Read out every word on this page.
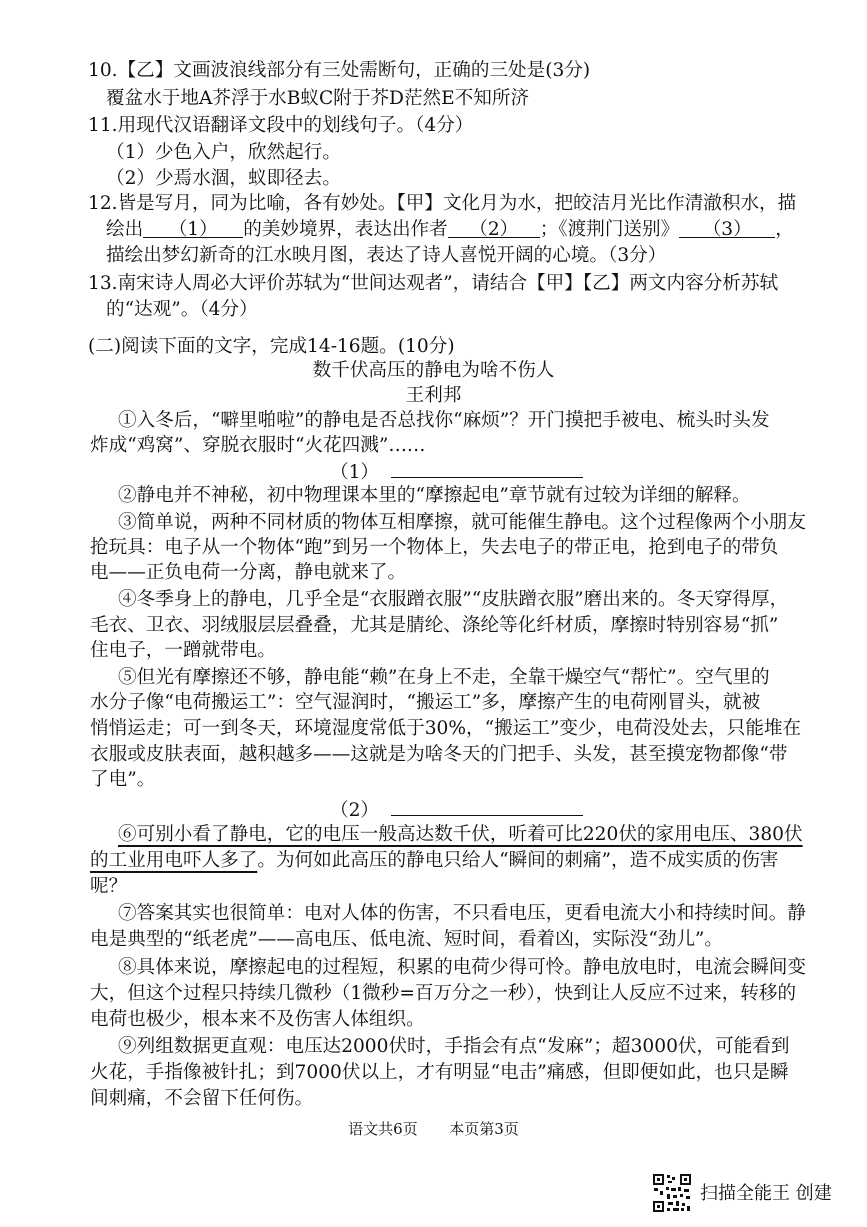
10.【乙】文画波浪线部分有三处需断句，正确的三处是(3分)
覆盆水于地A芥浮于水B蚁C附于芥D茫然E不知所济
11.用现代汉语翻译文段中的划线句子。（4分）
（1）少色入户，欣然起行。
（2）少焉水涸，蚁即径去。
12.皆是写月，同为比喻，各有妙处。【甲】文化月为水，把皎洁月光比作清澈积水，描
绘出 （1） 的美妙境界，表达出作者 （2） ；《渡荆门送别》 （3） ，
描绘出梦幻新奇的江水映月图，表达了诗人喜悦开阔的心境。（3分）
13.南宋诗人周必大评价苏轼为“世间达观者”，请结合【甲】【乙】两文内容分析苏轼
的“达观”。（4分）
(二)阅读下面的文字，完成14-16题。(10分)
数千伏高压的静电为啥不伤人
王利邦
①入冬后，“噼里啪啦”的静电是否总找你“麻烦”？开门摸把手被电、梳头时头发
炸成“鸡窝”、穿脱衣服时“火花四溅”……
（1）
②静电并不神秘，初中物理课本里的“摩擦起电”章节就有过较为详细的解释。
③简单说，两种不同材质的物体互相摩擦，就可能催生静电。这个过程像两个小朋友
抢玩具：电子从一个物体“跑”到另一个物体上，失去电子的带正电，抢到电子的带负
电——正负电荷一分离，静电就来了。
④冬季身上的静电，几乎全是“衣服蹭衣服”“皮肤蹭衣服”磨出来的。冬天穿得厚，
毛衣、卫衣、羽绒服层层叠叠，尤其是腈纶、涤纶等化纤材质，摩擦时特别容易“抓”
住电子，一蹭就带电。
⑤但光有摩擦还不够，静电能“赖”在身上不走，全靠干燥空气“帮忙”。空气里的
水分子像“电荷搬运工”：空气湿润时，“搬运工”多，摩擦产生的电荷刚冒头，就被
悄悄运走；可一到冬天，环境湿度常低于30%，“搬运工”变少，电荷没处去，只能堆在
衣服或皮肤表面，越积越多——这就是为啥冬天的门把手、头发，甚至摸宠物都像“带
了电”。
（2）
⑥可别小看了静电，它的电压一般高达数千伏，听着可比220伏的家用电压、380伏
的工业用电吓人多了。为何如此高压的静电只给人“瞬间的刺痛”，造不成实质的伤害
呢？
⑦答案其实也很简单：电对人体的伤害，不只看电压，更看电流大小和持续时间。静
电是典型的“纸老虎”——高电压、低电流、短时间，看着凶，实际没“劲儿”。
⑧具体来说，摩擦起电的过程短，积累的电荷少得可怜。静电放电时，电流会瞬间变
大，但这个过程只持续几微秒（1微秒=百万分之一秒），快到让人反应不过来，转移的
电荷也极少，根本来不及伤害人体组织。
⑨列组数据更直观：电压达2000伏时，手指会有点“发麻”；超3000伏，可能看到
火花，手指像被针扎；到7000伏以上，才有明显“电击”痛感，但即便如此，也只是瞬
间刺痛，不会留下任何伤。
语文共6页 本页第3页
扫描全能王 创建
